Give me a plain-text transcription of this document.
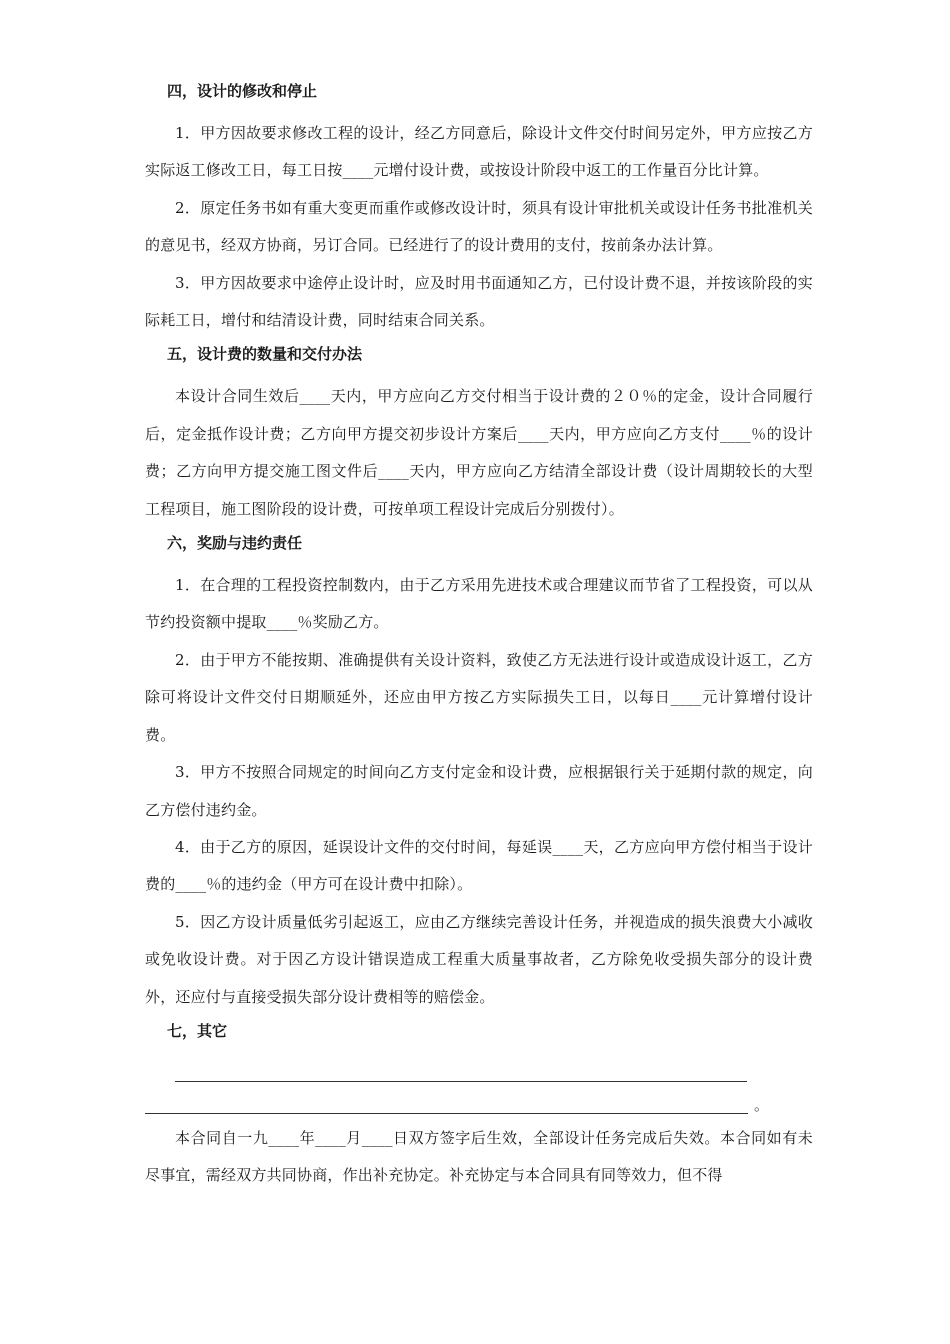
四，设计的修改和停止

1．甲方因故要求修改工程的设计，经乙方同意后，除设计文件交付时间另定外，甲方应按乙方实际返工修改工日，每工日按____元增付设计费，或按设计阶段中返工的工作量百分比计算。

2．原定任务书如有重大变更而重作或修改设计时，须具有设计审批机关或设计任务书批准机关的意见书，经双方协商，另订合同。已经进行了的设计费用的支付，按前条办法计算。

3．甲方因故要求中途停止设计时，应及时用书面通知乙方，已付设计费不退，并按该阶段的实际耗工日，增付和结清设计费，同时结束合同关系。

五，设计费的数量和交付办法

本设计合同生效后____天内，甲方应向乙方交付相当于设计费的２０％的定金，设计合同履行后，定金抵作设计费；乙方向甲方提交初步设计方案后____天内，甲方应向乙方支付____％的设计费；乙方向甲方提交施工图文件后____天内，甲方应向乙方结清全部设计费（设计周期较长的大型工程项目，施工图阶段的设计费，可按单项工程设计完成后分别拨付）。

六，奖励与违约责任

1．在合理的工程投资控制数内，由于乙方采用先进技术或合理建议而节省了工程投资，可以从节约投资额中提取____％奖励乙方。

2．由于甲方不能按期、准确提供有关设计资料，致使乙方无法进行设计或造成设计返工，乙方除可将设计文件交付日期顺延外，还应由甲方按乙方实际损失工日，以每日____元计算增付设计费。

3．甲方不按照合同规定的时间向乙方支付定金和设计费，应根据银行关于延期付款的规定，向乙方偿付违约金。

4．由于乙方的原因，延误设计文件的交付时间，每延误____天，乙方应向甲方偿付相当于设计费的____％的违约金（甲方可在设计费中扣除）。

5．因乙方设计质量低劣引起返工，应由乙方继续完善设计任务，并视造成的损失浪费大小减收或免收设计费。对于因乙方设计错误造成工程重大质量事故者，乙方除免收受损失部分的设计费外，还应付与直接受损失部分设计费相等的赔偿金。

七，其它
。

本合同自一九____年____月____日双方签字后生效，全部设计任务完成后失效。本合同如有未尽事宜，需经双方共同协商，作出补充协定。补充协定与本合同具有同等效力，但不得
